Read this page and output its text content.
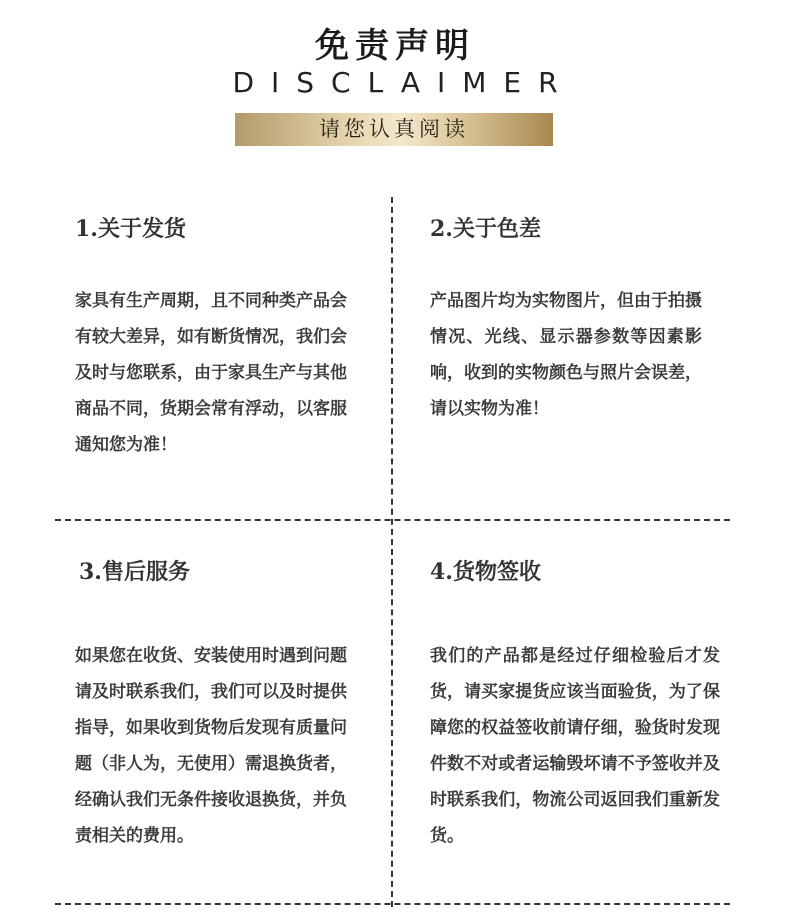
免责声明
DISCLAIMER
请您认真阅读
1.关于发货

家具有生产周期，且不同种类产品会有较大差异，如有断货情况，我们会及时与您联系，由于家具生产与其他商品不同，货期会常有浮动，以客服通知您为准！

2.关于色差

产品图片均为实物图片，但由于拍摄情况、光线、显示器参数等因素影响，收到的实物颜色与照片会误差，请以实物为准！

3.售后服务

如果您在收货、安装使用时遇到问题请及时联系我们，我们可以及时提供指导，如果收到货物后发现有质量问题（非人为，无使用）需退换货者，经确认我们无条件接收退换货，并负责相关的费用。

4.货物签收

我们的产品都是经过仔细检验后才发货，请买家提货应该当面验货，为了保障您的权益签收前请仔细，验货时发现件数不对或者运输毁坏请不予签收并及时联系我们，物流公司返回我们重新发货。
